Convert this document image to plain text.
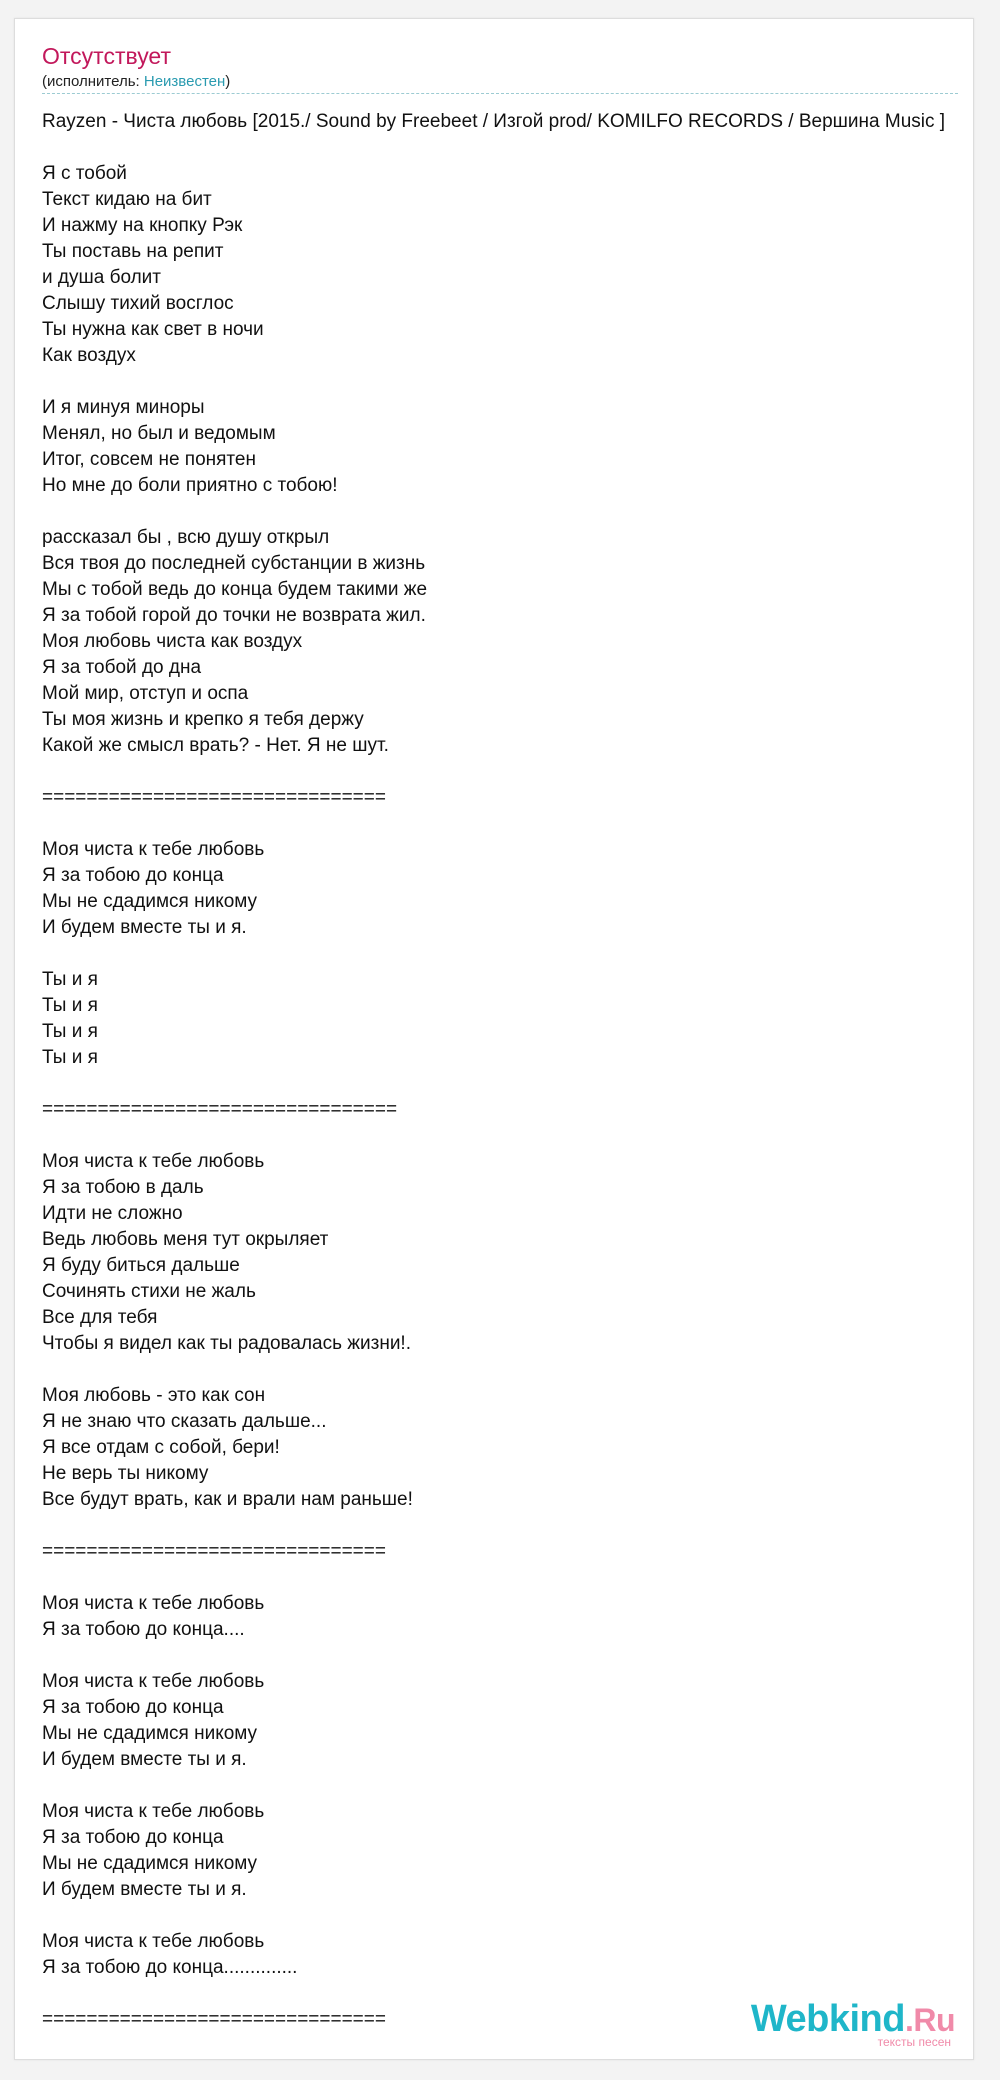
Отсутствует
(исполнитель: Неизвестен)
Rayzen - Чиста любовь [2015./ Sound by Freebeet / Изгой prod/ KOMILFO RECORDS / Вершина Music ]
Я с тобой
Текст кидаю на бит
И нажму на кнопку Рэк
Ты поставь на репит
и душа болит
Слышу тихий восглос
Ты нужна как свет в ночи
Как воздух
И я минуя миноры
Менял, но был и ведомым
Итог, совсем не понятен
Но мне до боли приятно с тобою!
рассказал бы , всю душу открыл
Вся твоя до последней субстанции в жизнь
Мы с тобой ведь до конца будем такими же
Я за тобой горой до точки не возврата жил.
Моя любовь чиста как воздух
Я за тобой до дна
Мой мир, отступ и оспа
Ты моя жизнь и крепко я тебя держу
Какой же смысл врать? - Нет. Я не шут.
===============================
Моя чиста к тебе любовь
Я за тобою до конца
Мы не сдадимся никому
И будем вместе ты и я.
Ты и я
Ты и я
Ты и я
Ты и я
================================
Моя чиста к тебе любовь
Я за тобою в даль
Идти не сложно
Ведь любовь меня тут окрыляет
Я буду биться дальше
Сочинять стихи не жаль
Все для тебя
Чтобы я видел как ты радовалась жизни!.
Моя любовь - это как сон
Я не знаю что сказать дальше...
Я все отдам с собой, бери!
Не верь ты никому
Все будут врать, как и врали нам раньше!
===============================
Моя чиста к тебе любовь
Я за тобою до конца....
Моя чиста к тебе любовь
Я за тобою до конца
Мы не сдадимся никому
И будем вместе ты и я.
Моя чиста к тебе любовь
Я за тобою до конца
Мы не сдадимся никому
И будем вместе ты и я.
Моя чиста к тебе любовь
Я за тобою до конца..............
===============================	Webkind.Ru
тексты песен
